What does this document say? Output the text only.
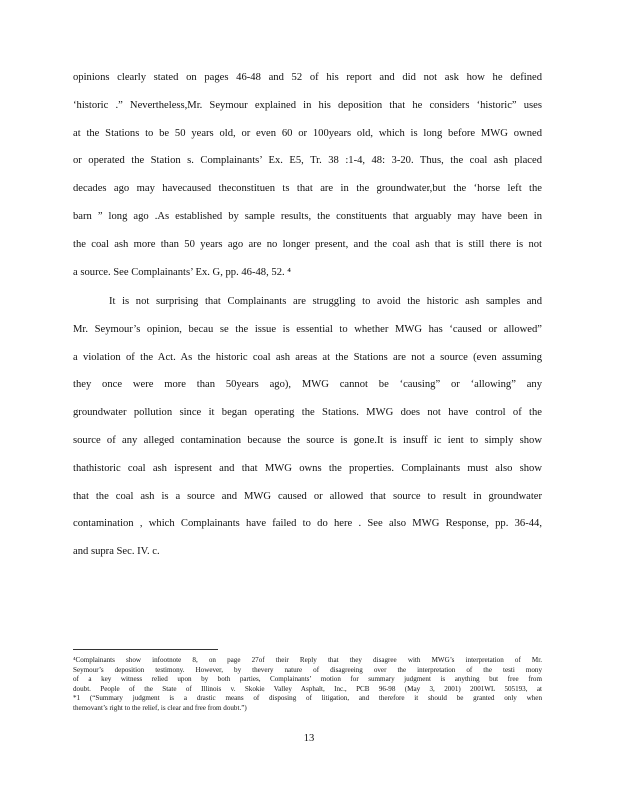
opinions clearly stated on pages 46-48 and 52 of his report and did not ask how he defined
‘historic .” Nevertheless,Mr. Seymour explained in his deposition that he considers ‘historic” uses
at the Stations to be 50 years old, or even 60 or 100years old, which is long before MWG owned
or operated the Station s. Complainants’ Ex. E5, Tr. 38 :1-4, 48: 3-20. Thus, the coal ash placed
decades ago may havecaused theconstituen ts that are in the groundwater,but the ‘horse left the
barn ” long ago .As established by sample results, the constituents that arguably may have been in
the coal ash more than 50 years ago are no longer present, and the coal ash that is still there is not
a source. See Complainants’ Ex. G, pp. 46-48, 52. ⁴
It is not surprising that Complainants are struggling to avoid the historic ash samples and
Mr. Seymour’s opinion, becau se the issue is essential to whether MWG has ‘caused or allowed”
a violation of the Act. As the historic coal ash areas at the Stations are not a source (even assuming
they once were more than 50years ago), MWG cannot be ‘causing” or ‘allowing” any
groundwater pollution since it began operating the Stations. MWG does not have control of the
source of any alleged contamination because the source is gone.It is insuff ic ient to simply show
thathistoric coal ash ispresent and that MWG owns the properties. Complainants must also show
that the coal ash is a source and MWG caused or allowed that source to result in groundwater
contamination , which Complainants have failed to do here . See also MWG Response, pp. 36-44,
and supra Sec. IV. c.
⁴Complainants show infootnote 8, on page 27of their Reply that they disagree with MWG’s interpretation of Mr.
Seymour’s deposition testimony. However, by thevery nature of disagreeing over the interpretation of the testi mony
of a key witness relied upon by both parties, Complainants’ motion for summary judgment is anything but free from
doubt. People of the State of Illinois v. Skokie Valley Asphalt, Inc., PCB 96-98 (May 3, 2001) 2001WL 505193, at
*1 (“Summary judgment is a drastic means of disposing of litigation, and therefore it should be granted only when
themovant’s right to the relief, is clear and free from doubt.”)
13
